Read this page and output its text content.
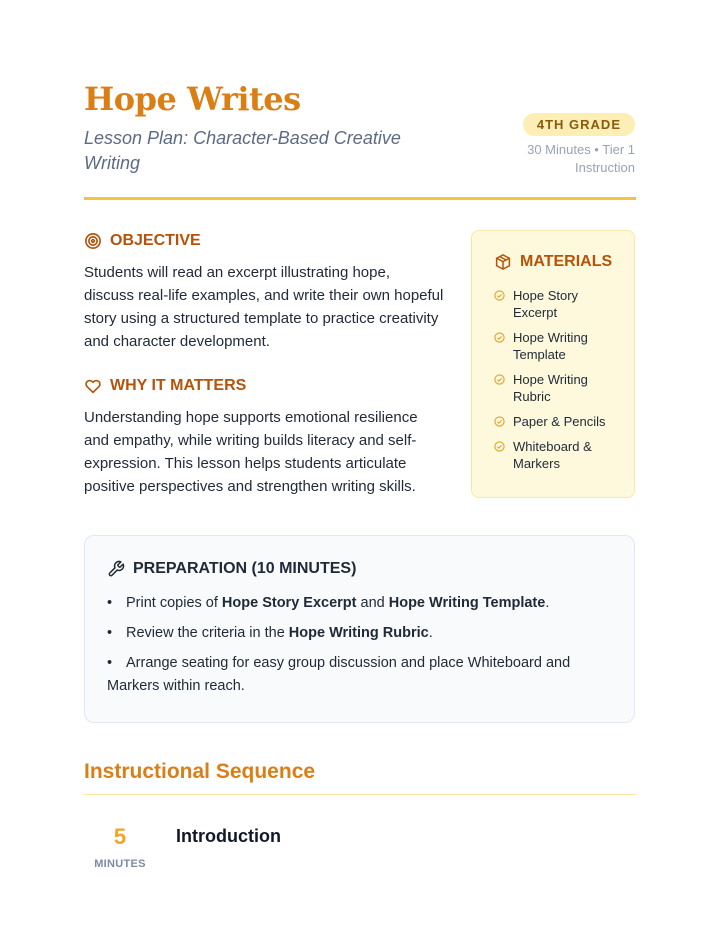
Hope Writes
Lesson Plan: Character-Based Creative Writing
4TH GRADE
30 Minutes • Tier 1 Instruction
OBJECTIVE
Students will read an excerpt illustrating hope, discuss real-life examples, and write their own hopeful story using a structured template to practice creativity and character development.
WHY IT MATTERS
Understanding hope supports emotional resilience and empathy, while writing builds literacy and self-expression. This lesson helps students articulate positive perspectives and strengthen writing skills.
MATERIALS
Hope Story Excerpt
Hope Writing Template
Hope Writing Rubric
Paper & Pencils
Whiteboard & Markers
PREPARATION (10 MINUTES)
• Print copies of Hope Story Excerpt and Hope Writing Template.
• Review the criteria in the Hope Writing Rubric.
• Arrange seating for easy group discussion and place Whiteboard and Markers within reach.
Instructional Sequence
5
MINUTES
Introduction
